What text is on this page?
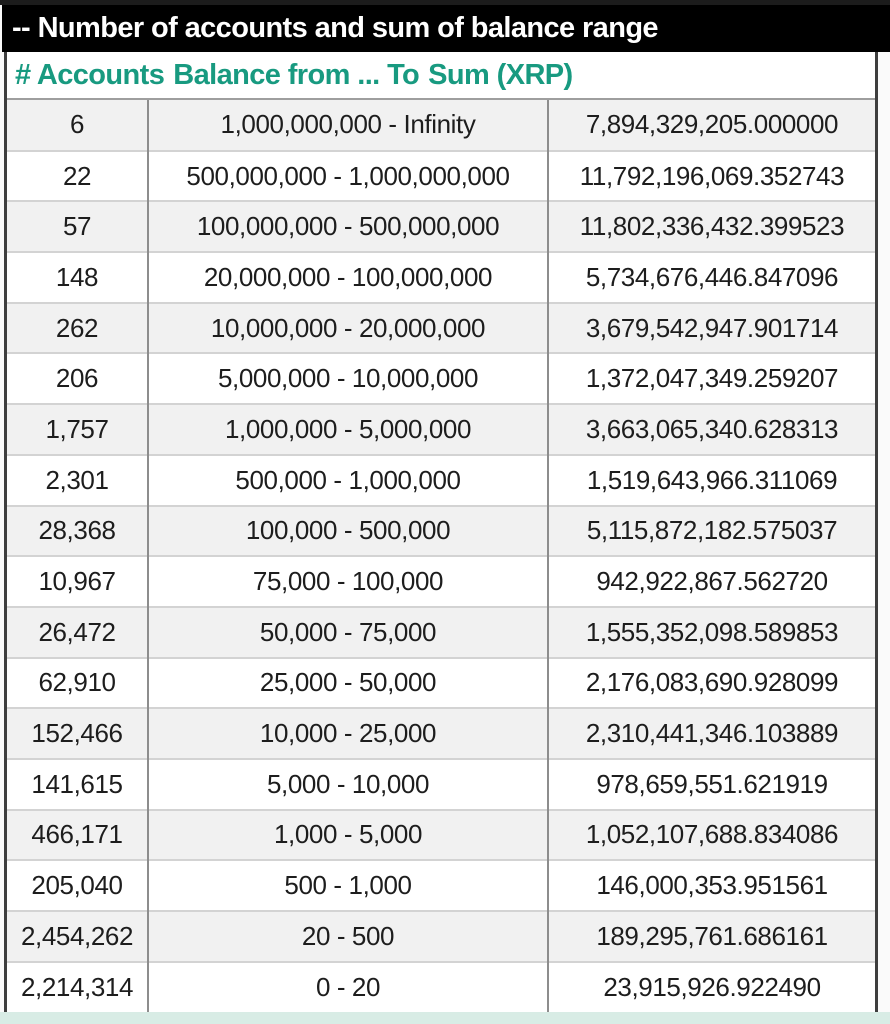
-- Number of accounts and sum of balance range
# Accounts Balance from ... To Sum (XRP)
6	1,000,000,000 - Infinity	7,894,329,205.000000
22	500,000,000 - 1,000,000,000	11,792,196,069.352743
57	100,000,000 - 500,000,000	11,802,336,432.399523
148	20,000,000 - 100,000,000	5,734,676,446.847096
262	10,000,000 - 20,000,000	3,679,542,947.901714
206	5,000,000 - 10,000,000	1,372,047,349.259207
1,757	1,000,000 - 5,000,000	3,663,065,340.628313
2,301	500,000 - 1,000,000	1,519,643,966.311069
28,368	100,000 - 500,000	5,115,872,182.575037
10,967	75,000 - 100,000	942,922,867.562720
26,472	50,000 - 75,000	1,555,352,098.589853
62,910	25,000 - 50,000	2,176,083,690.928099
152,466	10,000 - 25,000	2,310,441,346.103889
141,615	5,000 - 10,000	978,659,551.621919
466,171	1,000 - 5,000	1,052,107,688.834086
205,040	500 - 1,000	146,000,353.951561
2,454,262	20 - 500	189,295,761.686161
2,214,314	0 - 20	23,915,926.922490
